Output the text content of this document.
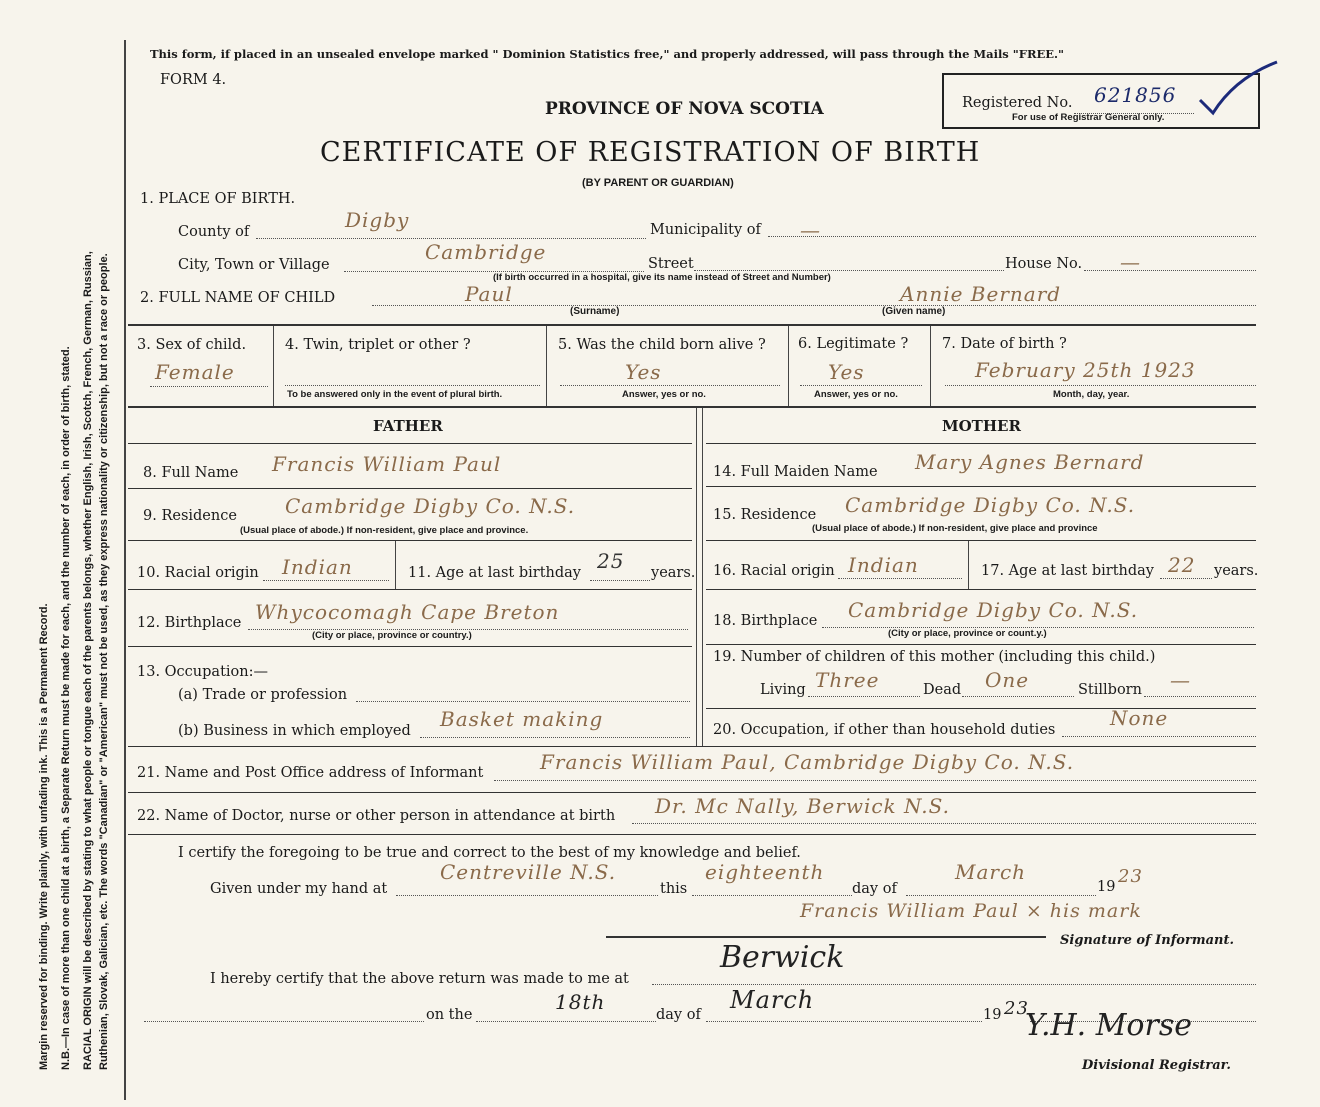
Margin reserved for binding. Write plainly, with unfading ink. This is a Permanent Record. N.B.—In case of more than one child at a birth, a Separate Return must be made for each, and the number of each, in order of birth, stated. RACIAL ORIGIN will be described by stating to what people or tongue each of the parents belongs, whether English, Irish, Scotch, French, German, Russian, Ruthenian, Slovak, Galician, etc. The words "Canadian" or "American" must not be used, as they express nationality or citizenship, but not a race or people.
This form, if placed in an unsealed envelope marked " Dominion Statistics free," and properly addressed, will pass through the Mails "FREE."
FORM 4.
PROVINCE OF NOVA SCOTIA
CERTIFICATE OF REGISTRATION OF BIRTH
(BY PARENT OR GUARDIAN)
Registered No. 621856
For use of Registrar General only.
1. PLACE OF BIRTH.
County of	Digby	Municipality of —
City, Town or Village
Cambridge	Street	House No. —
(If birth occurred in a hospital, give its name instead of Street and Number)
2. FULL NAME OF CHILD	Paul	Annie Bernard
(Surname)	(Given name)
3. Sex of child.
Female
4. Twin, triplet or other ?
To be answered only in the event of plural birth.
5. Was the child born alive ?
Yes
Answer, yes or no.
6. Legitimate ?
Yes
Answer, yes or no.
7. Date of birth ?
February 25th 1923
Month, day, year.
FATHER	MOTHER
8. Full Name Francis William Paul
9. Residence Cambridge Digby Co. N.S.
(Usual place of abode.) If non-resident, give place and province.
10. Racial origin Indian	11. Age at last birthday 25 years.
12. Birthplace Whycocomagh Cape Breton
(City or place, province or country.)
13. Occupation:—
(a) Trade or profession
(b) Business in which employed Basket making
14. Full Maiden Name Mary Agnes Bernard
15. Residence Cambridge Digby Co. N.S.
(Usual place of abode.) If non-resident, give place and province
16. Racial origin Indian	17. Age at last birthday 22 years.
18. Birthplace Cambridge Digby Co. N.S.
(City or place, province or count.y.)
19. Number of children of this mother (including this child.)
Living Three	Dead One	Stillborn —
20. Occupation, if other than household duties	None
21. Name and Post Office address of Informant	Francis William Paul, Cambridge Digby Co. N.S.
22. Name of Doctor, nurse or other person in attendance at birth Dr. Mc Nally, Berwick N.S.
I certify the foregoing to be true and correct to the best of my knowledge and belief.
Given under my hand at
Centreville N.S.
this
eighteenth
day of
March
19 23
Francis William Paul × his mark
Signature of Informant.
I hereby certify that the above return was made to me at
Berwick
on the
18th
day of
March
19 23
Y.H. Morse
Divisional Registrar.
